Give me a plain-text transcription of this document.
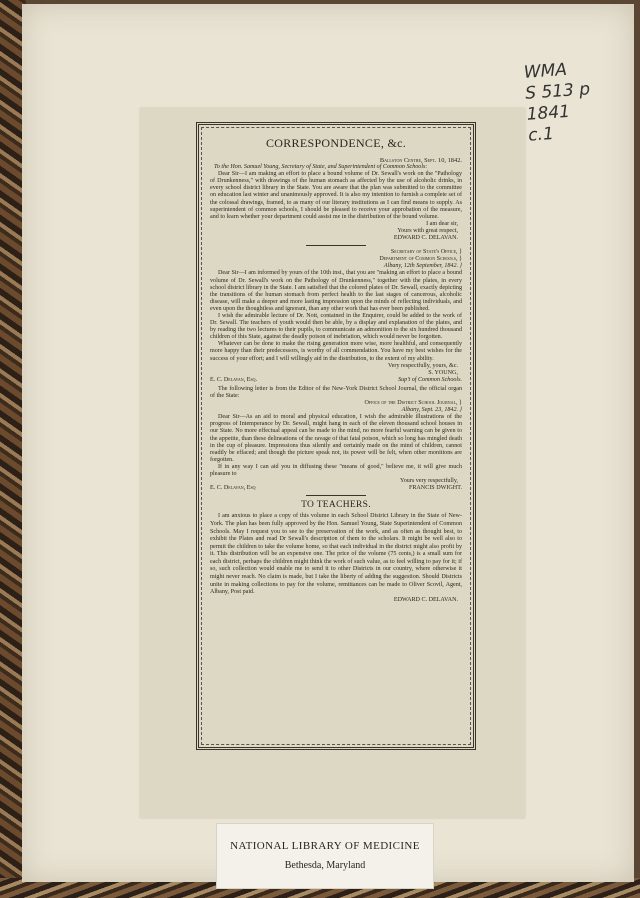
WMA
S 513 p
1841
c.1
CORRESPONDENCE, &c.
Ballston Centre, Sept. 10, 1842.
To the Hon. Samuel Young, Secretary of State, and Superintendent of Common Schools:
Dear Sir—I am making an effort to place a bound volume of Dr. Sewall's work on the "Pathology of Drunkenness," with drawings of the human stomach as affected by the use of alcoholic drinks, in every school district library in the State. You are aware that the plan was submitted to the committee on education last winter and unanimously approved. It is also my intention to furnish a complete set of the colossal drawings, framed, to as many of our literary institutions as I can find means to supply. As superintendent of common schools, I should be pleased to receive your approbation of the measure, and to learn whether your department could assist me in the distribution of the bound volume.
I am dear sir,
Yours with great respect,
EDWARD C. DELAVAN.
Secretary of State's Office, }
Department of Common Schools, }
Albany, 12th September, 1842. }
Dear Sir—I am informed by yours of the 10th inst., that you are "making an effort to place a bound volume of Dr. Sewall's work on the Pathology of Drunkenness," together with the plates, in every school district library in the State. I am satisfied that the colored plates of Dr. Sewall, exactly depicting the transitions of the human stomach from perfect health to the last stages of cancerous, alcoholic disease, will make a deeper and more lasting impression upon the minds of reflecting individuals, and even upon the thoughtless and ignorant, than any other work that has ever been published.
I wish the admirable lecture of Dr. Nott, contained in the Enquirer, could be added to the work of Dr. Sewall. The teachers of youth would then be able, by a display and explanation of the plates, and by reading the two lectures to their pupils, to communicate an admonition to the six hundred thousand children of this State, against the deadly poison of inebriation, which would never be forgotten.
Whatever can be done to make the rising generation more wise, more healthful, and consequently more happy than their predecessors, is worthy of all commendation. You have my best wishes for the success of your effort; and I will willingly aid in the distribution, to the extent of my ability.
Very respectfully, yours, &c.
S. YOUNG,
E. C. Delavan, Esq.	Sup't of Common Schools.
The following letter is from the Editor of the New-York District School Journal, the official organ of the State:
Office of the District School Journal, }
Albany, Sept. 23, 1842. }
Dear Sir—As an aid to moral and physical education, I wish the admirable illustrations of the progress of Intemperance by Dr. Sewall, might hang in each of the eleven thousand school houses in our State. No more effectual appeal can be made to the mind, no more fearful warning can be given to the appetite, than these delineations of the ravage of that fatal poison, which so long has mingled death in the cup of pleasure. Impressions thus silently and certainly made on the mind of children, cannot readily be effaced; and though the picture speak not, its power will be felt, when other monitions are forgotten.
If in any way I can aid you in diffusing these "means of good," believe me, it will give much pleasure to
Yours very respectfully,
E. C. Delavan, Esq	FRANCIS DWIGHT.
TO TEACHERS.
I am anxious to place a copy of this volume in each School District Library in the State of New-York. The plan has been fully approved by the Hon. Samuel Young, State Superintendent of Common Schools. May I request you to see to the preservation of the work, and as often as thought best, to exhibit the Plates and read Dr Sewall's description of them to the scholars. It might be well also to permit the children to take the volume home, so that each individual in the district might also profit by it. This distribution will be an expensive one. The price of the volume (75 cents,) is a small sum for each district, perhaps the children might think the work of such value, as to feel willing to pay for it; if so, such collection would enable me to send it to other Districts in our country, where otherwise it might never reach. No claim is made, but I take the liberty of adding the suggestion. Should Districts unite in making collections to pay for the volume, remittances can be made to Oliver Scovil, Agent, Albany, Post paid.
EDWARD C. DELAVAN.
NATIONAL LIBRARY OF MEDICINE
Bethesda, Maryland
